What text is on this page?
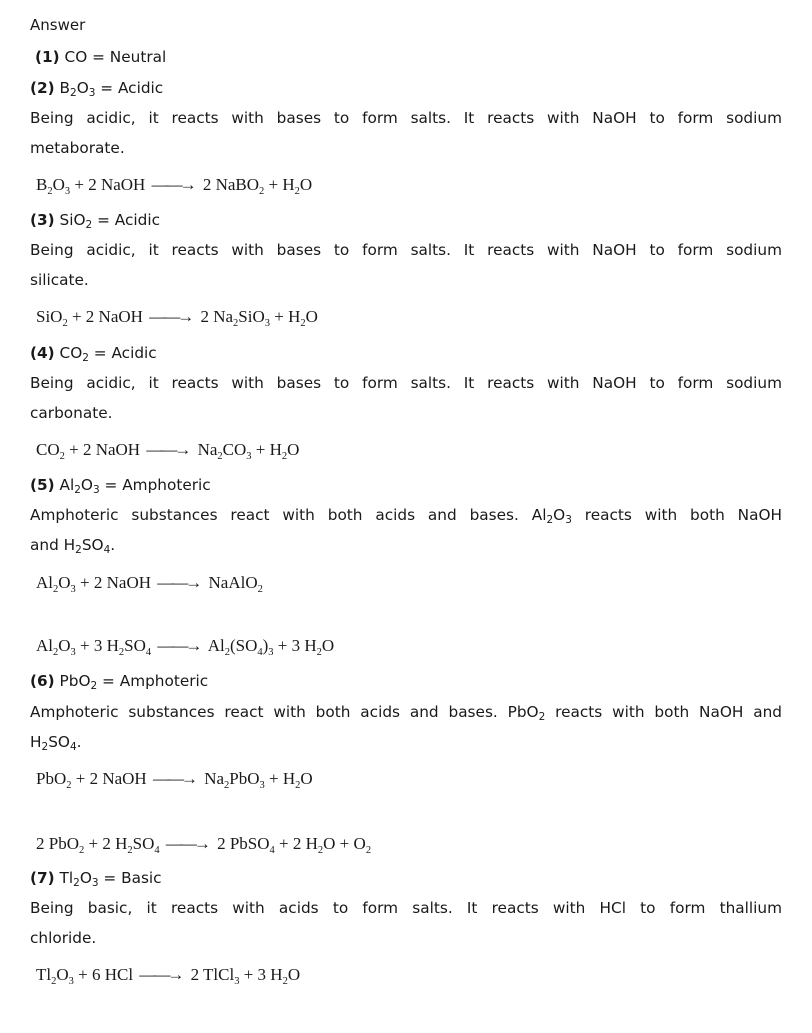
Answer
(1) CO = Neutral
(2) $B_2O_3$ = Acidic
Being acidic, it reacts with bases to form salts. It reacts with NaOH to form sodium
metaborate.
$B_2O_3 + 2$ NaOH ——→ 2 NaBO$_2$ + $H_2O$
(3) SiO$_2$ = Acidic
Being acidic, it reacts with bases to form salts. It reacts with NaOH to form sodium
silicate.
SiO$_2$ + 2 NaOH ——→ 2 $Na_2SiO_3 + H_2O$
(4) $CO_2$ = Acidic
Being acidic, it reacts with bases to form salts. It reacts with NaOH to form sodium
carbonate.
$CO_2 + 2$ NaOH ——→ $Na_2CO_3 + H_2O$
(5) $Al_2O_3$ = Amphoteric
Amphoteric substances react with both acids and bases. $Al_2O_3$ reacts with both NaOH
and $H_2SO_4$.
$Al_2O_3 + 2$ NaOH ——→ NaAlO$_2$
$Al_2O_3 + 3$ $H_2SO_4$ ——→ $Al_2(SO_4)_3 + 3$ $H_2O$
(6) PbO$_2$ = Amphoteric
Amphoteric substances react with both acids and bases. PbO$_2$ reacts with both NaOH and
$H_2SO_4$.
PbO$_2$ + 2 NaOH ——→ $Na_2PbO_3 + H_2O$
2 PbO$_2$ + 2 $H_2SO_4$ ——→ 2 PbSO$_4$ + 2 $H_2O + O_2$
(7) $Tl_2O_3$ = Basic
Being basic, it reacts with acids to form salts. It reacts with HCl to form thallium
chloride.
$Tl_2O_3 + 6$ HCl ——→ 2 TlCl$_3$ + 3 $H_2O$
